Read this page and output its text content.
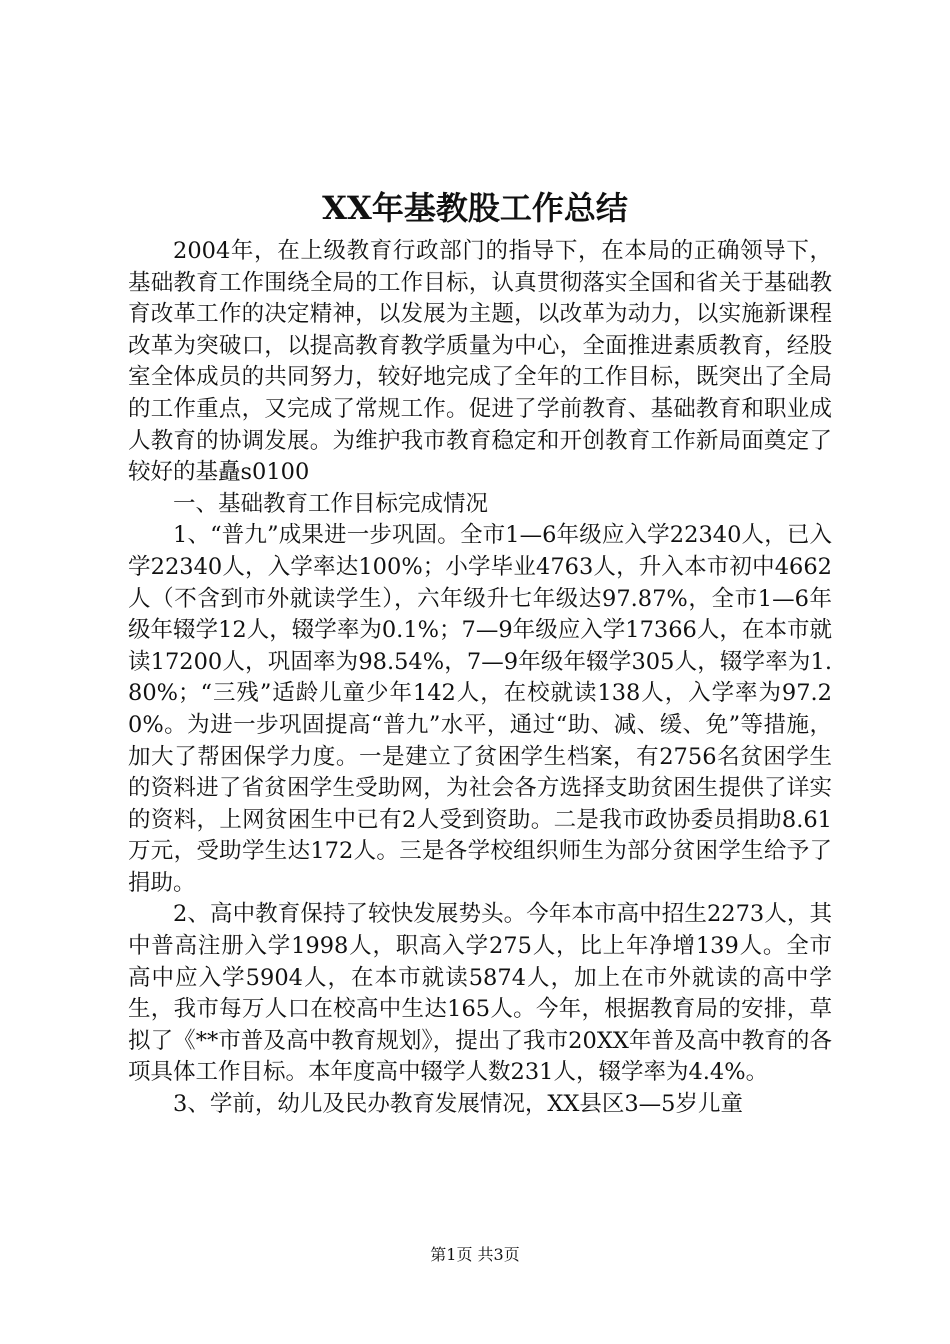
XX年基教股工作总结

2004年，在上级教育行政部门的指导下，在本局的正确领导下，基础教育工作围绕全局的工作目标，认真贯彻落实全国和省关于基础教育改革工作的决定精神，以发展为主题，以改革为动力，以实施新课程改革为突破口，以提高教育教学质量为中心，全面推进素质教育，经股室全体成员的共同努力，较好地完成了全年的工作目标，既突出了全局的工作重点，又完成了常规工作。促进了学前教育、基础教育和职业成人教育的协调发展。为维护我市教育稳定和开创教育工作新局面奠定了较好的基矗s0100

一、基础教育工作目标完成情况

1、“普九”成果进一步巩固。全市1—6年级应入学22340人，已入学22340人，入学率达100%；小学毕业4763人，升入本市初中4662人（不含到市外就读学生），六年级升七年级达97.87%，全市1—6年级年辍学12人，辍学率为0.1%；7—9年级应入学17366人，在本市就读17200人，巩固率为98.54%，7—9年级年辍学305人，辍学率为1.80%；“三残”适龄儿童少年142人，在校就读138人，入学率为97.20%。为进一步巩固提高“普九”水平，通过“助、减、缓、免”等措施，加大了帮困保学力度。一是建立了贫困学生档案，有2756名贫困学生的资料进了省贫困学生受助网，为社会各方选择支助贫困生提供了详实的资料，上网贫困生中已有2人受到资助。二是我市政协委员捐助8.61万元，受助学生达172人。三是各学校组织师生为部分贫困学生给予了捐助。

2、高中教育保持了较快发展势头。今年本市高中招生2273人，其中普高注册入学1998人，职高入学275人，比上年净增139人。全市高中应入学5904人，在本市就读5874人，加上在市外就读的高中学生，我市每万人口在校高中生达165人。今年，根据教育局的安排，草拟了《**市普及高中教育规划》，提出了我市20XX年普及高中教育的各项具体工作目标。本年度高中辍学人数231人，辍学率为4.4%。

3、学前，幼儿及民办教育发展情况，XX县区3—5岁儿童

第1页 共3页
